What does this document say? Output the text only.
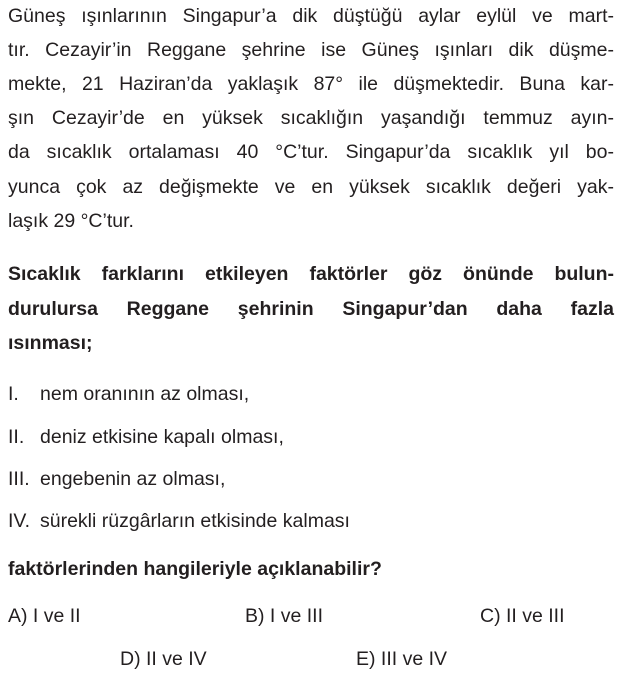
Güneş ışınlarının Singapur’a dik düştüğü aylar eylül ve mart-
tır. Cezayir’in Reggane şehrine ise Güneş ışınları dik düşme-
mekte, 21 Haziran’da yaklaşık 87° ile düşmektedir. Buna kar-
şın Cezayir’de en yüksek sıcaklığın yaşandığı temmuz ayın-
da sıcaklık ortalaması 40 °C’tur. Singapur’da sıcaklık yıl bo-
yunca çok az değişmekte ve en yüksek sıcaklık değeri yak-
laşık 29 °C’tur.
Sıcaklık farklarını etkileyen faktörler göz önünde bulun-
durulursa Reggane şehrinin Singapur’dan daha fazla
ısınması;
I. nem oranının az olması,
II. deniz etkisine kapalı olması,
III. engebenin az olması,
IV. sürekli rüzgârların etkisinde kalması
faktörlerinden hangileriyle açıklanabilir?
A) I ve II	B) I ve III	C) II ve III
D) II ve IV	E) III ve IV
